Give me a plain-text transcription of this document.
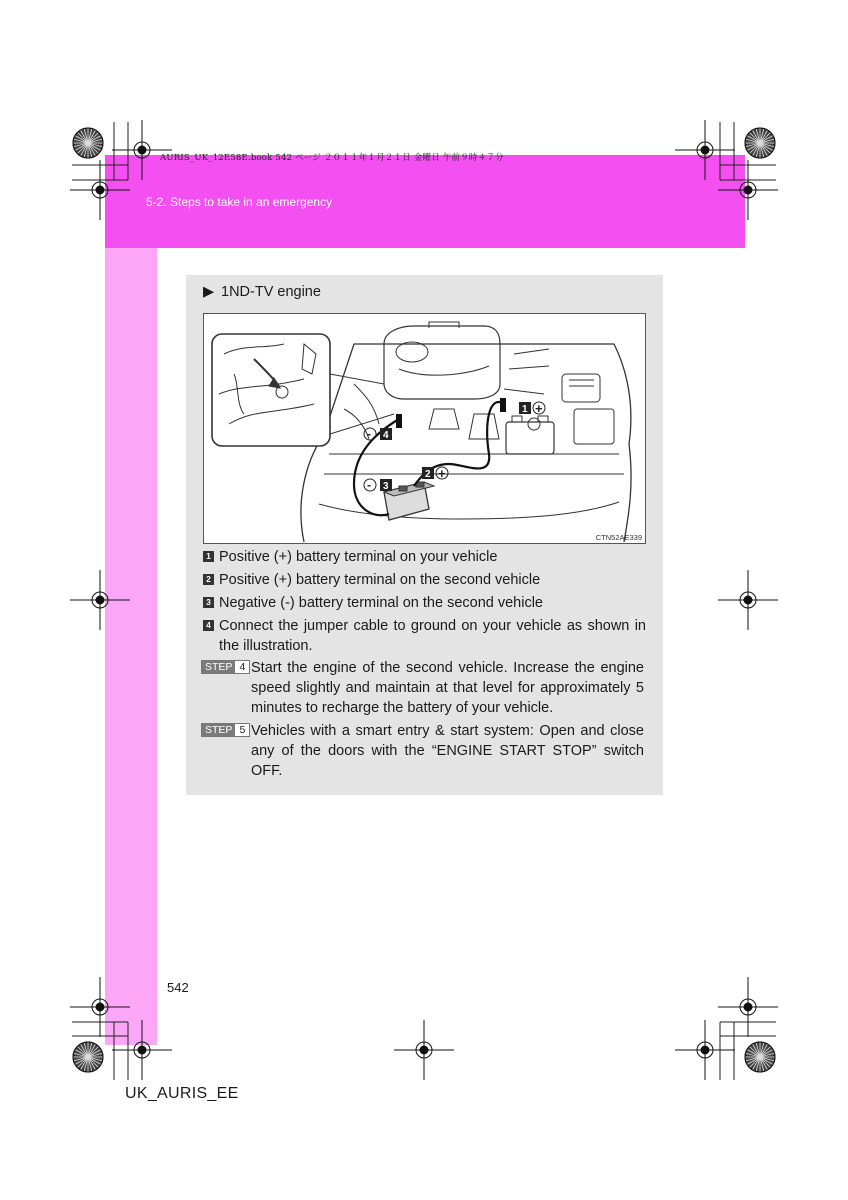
AURIS_UK_12E58E.book 542 ページ ２０１１年１月２１日 金曜日 午前９時４７分
5-2. Steps to take in an emergency
▶ 1ND-TV engine
1 +
2 +
3
-
4
-
CTN52AE339
1 Positive (+) battery terminal on your vehicle
2 Positive (+) battery terminal on the second vehicle
3 Negative (-) battery terminal on the second vehicle
4 Connect the jumper cable to ground on your vehicle as shown in the illustration.
STEP 4 Start the engine of the second vehicle. Increase the engine speed slightly and maintain at that level for approximately 5 minutes to recharge the battery of your vehicle.
STEP 5 Vehicles with a smart entry & start system: Open and close any of the doors with the “ENGINE START STOP” switch OFF.
542
UK_AURIS_EE
